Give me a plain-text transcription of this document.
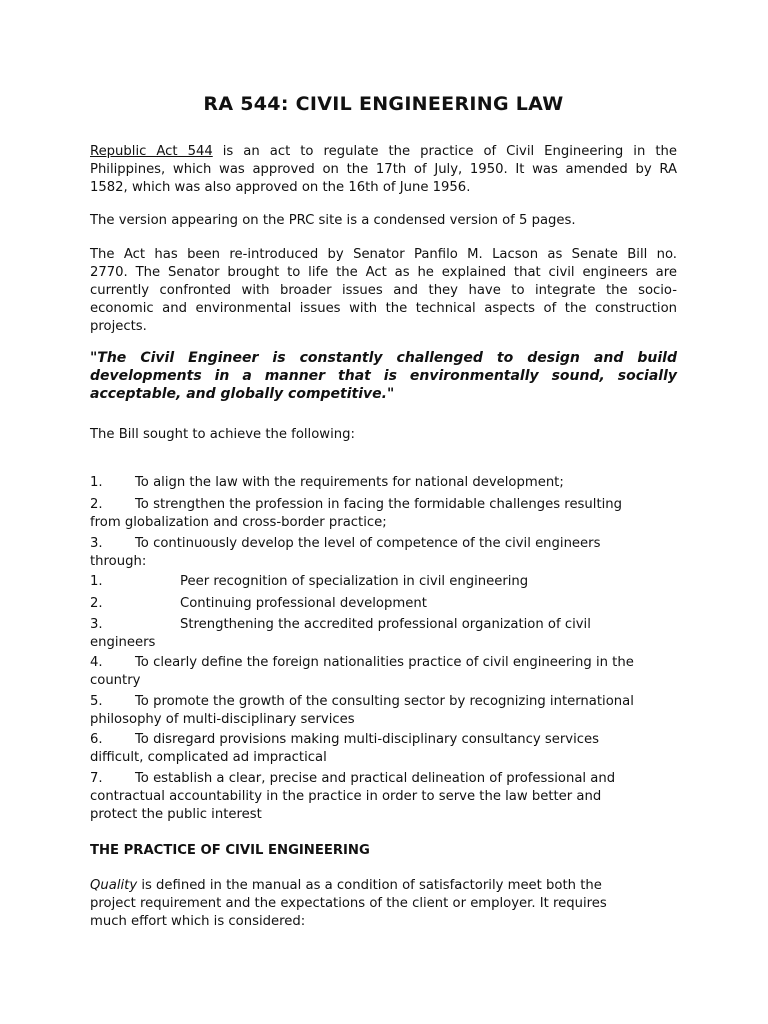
RA 544: CIVIL ENGINEERING LAW
Republic Act 544 is an act to regulate the practice of Civil Engineering in the
Philippines, which was approved on the 17th of July, 1950. It was amended by RA
1582, which was also approved on the 16th of June 1956.
The version appearing on the PRC site is a condensed version of 5 pages.
The Act has been re-introduced by Senator Panfilo M. Lacson as Senate Bill no.
2770. The Senator brought to life the Act as he explained that civil engineers are
currently confronted with broader issues and they have to integrate the socio-
economic and environmental issues with the technical aspects of the construction
projects.
"The Civil Engineer is constantly challenged to design and build
developments in a manner that is environmentally sound, socially
acceptable, and globally competitive."
The Bill sought to achieve the following:
1. To align the law with the requirements for national development;
2. To strengthen the profession in facing the formidable challenges resulting
from globalization and cross-border practice;
3. To continuously develop the level of competence of the civil engineers
through:
1.	Peer recognition of specialization in civil engineering
2.	Continuing professional development
3.	Strengthening the accredited professional organization of civil
engineers
4. To clearly define the foreign nationalities practice of civil engineering in the
country
5. To promote the growth of the consulting sector by recognizing international
philosophy of multi-disciplinary services
6. To disregard provisions making multi-disciplinary consultancy services
difficult, complicated ad impractical
7. To establish a clear, precise and practical delineation of professional and
contractual accountability in the practice in order to serve the law better and
protect the public interest
THE PRACTICE OF CIVIL ENGINEERING
Quality is defined in the manual as a condition of satisfactorily meet both the
project requirement and the expectations of the client or employer. It requires
much effort which is considered:
